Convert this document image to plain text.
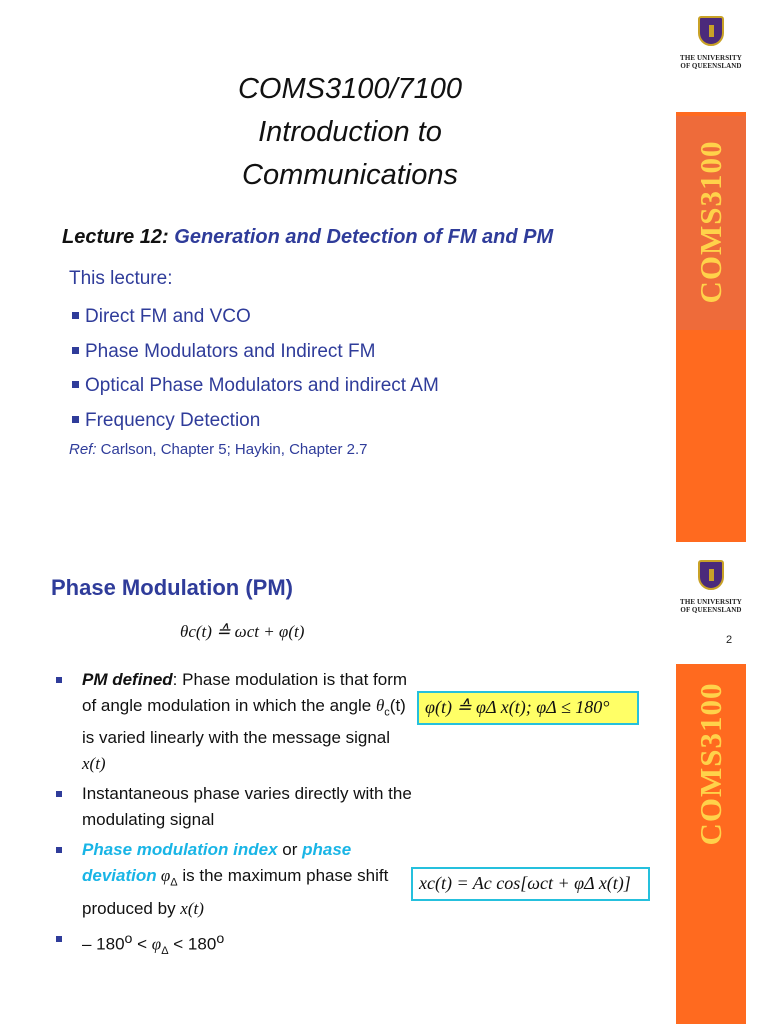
COMS3100/7100
Introduction to
Communications
Lecture 12: Generation and Detection of FM and PM
This lecture:
Direct FM and VCO
Phase Modulators and Indirect FM
Optical Phase Modulators and indirect AM
Frequency Detection
Ref: Carlson, Chapter 5; Haykin, Chapter 2.7
THE UNIVERSITY
OF QUEENSLAND
COMS3100
Phase Modulation (PM)
θc(t) ≙ ωct + φ(t)
PM defined: Phase modulation is that form of angle modulation in which the angle $\theta_c(t)$ is varied linearly with the message signal x(t)
Instantaneous phase varies directly with the modulating signal
Phase modulation index or phase deviation $\varphi_\Delta$ is the maximum phase shift produced by x(t)
– $180^o < \varphi_\Delta < 180^o$
φ(t) ≙ φΔ x(t); φΔ ≤ 180°
xc(t) = Ac cos[ωct + φΔ x(t)]
THE UNIVERSITY
OF QUEENSLAND
COMS3100
2
